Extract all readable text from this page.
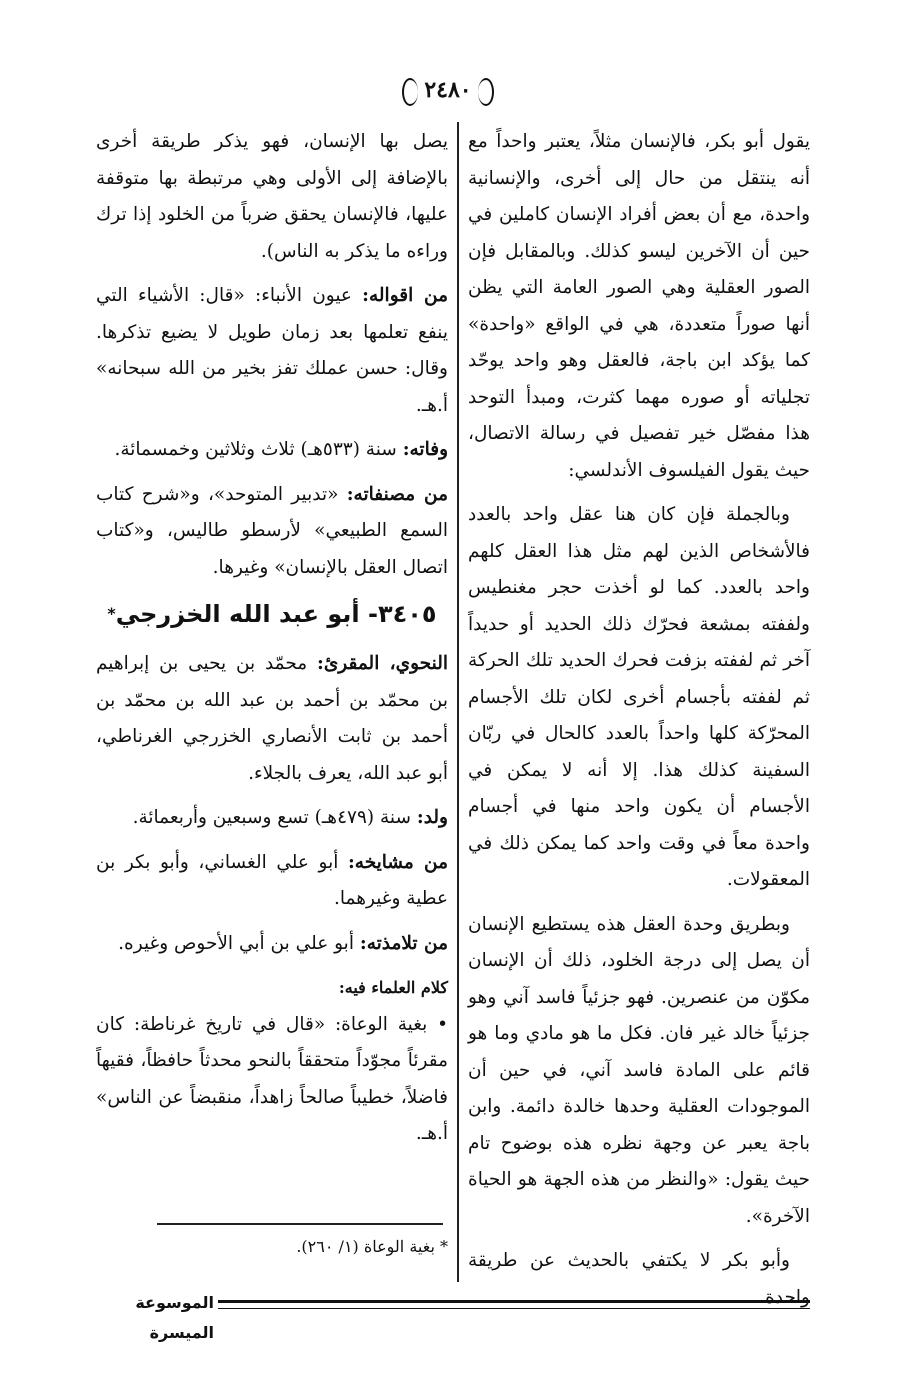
٢٤٨٠

يقول أبو بكر، فالإنسان مثلاً، يعتبر واحداً مع أنه ينتقل من حال إلى أخرى، والإنسانية واحدة، مع أن بعض أفراد الإنسان كاملين في حين أن الآخرين ليسو كذلك. وبالمقابل فإن الصور العقلية وهي الصور العامة التي يظن أنها صوراً متعددة، هي في الواقع «واحدة» كما يؤكد ابن باجة، فالعقل وهو واحد يوحّد تجلياته أو صوره مهما كثرت، ومبدأ التوحد هذا مفصّل خير تفصيل في رسالة الاتصال، حيث يقول الفيلسوف الأندلسي:

وبالجملة فإن كان هنا عقل واحد بالعدد فالأشخاص الذين لهم مثل هذا العقل كلهم واحد بالعدد. كما لو أخذت حجر مغنطيس ولففته بمشعة فحرّك ذلك الحديد أو حديداً آخر ثم لففته بزفت فحرك الحديد تلك الحركة ثم لففته بأجسام أخرى لكان تلك الأجسام المحرّكة كلها واحداً بالعدد كالحال في ربّان السفينة كذلك هذا. إلا أنه لا يمكن في الأجسام أن يكون واحد منها في أجسام واحدة معاً في وقت واحد كما يمكن ذلك في المعقولات.

وبطريق وحدة العقل هذه يستطيع الإنسان أن يصل إلى درجة الخلود، ذلك أن الإنسان مكوّن من عنصرين. فهو جزئياً فاسد آني وهو جزئياً خالد غير فان. فكل ما هو مادي وما هو قائم على المادة فاسد آني، في حين أن الموجودات العقلية وحدها خالدة دائمة. وابن باجة يعبر عن وجهة نظره هذه بوضوح تام حيث يقول: «والنظر من هذه الجهة هو الحياة الآخرة».

وأبو بكر لا يكتفي بالحديث عن طريقة واحدة

يصل بها الإنسان، فهو يذكر طريقة أخرى بالإضافة إلى الأولى وهي مرتبطة بها متوقفة عليها، فالإنسان يحقق ضرباً من الخلود إذا ترك وراءه ما يذكر به الناس).

من اقواله: عيون الأنباء: «قال: الأشياء التي ينفع تعلمها بعد زمان طويل لا يضيع تذكرها. وقال: حسن عملك تفز بخير من الله سبحانه» أ.هـ.

وفاته: سنة (٥٣٣هـ) ثلاث وثلاثين وخمسمائة.

من مصنفاته: «تدبير المتوحد»، و«شرح كتاب السمع الطبيعي» لأرسطو طاليس، و«كتاب اتصال العقل بالإنسان» وغيرها.

٣٤٠٥- أبو عبد الله الخزرجي*

النحوي، المقرئ: محمّد بن يحيى بن إبراهيم بن محمّد بن أحمد بن عبد الله بن محمّد بن أحمد بن ثابت الأنصاري الخزرجي الغرناطي، أبو عبد الله، يعرف بالجلاء.

ولد: سنة (٤٧٩هـ) تسع وسبعين وأربعمائة.

من مشايخه: أبو علي الغساني، وأبو بكر بن عطية وغيرهما.

من تلامذته: أبو علي بن أبي الأحوص وغيره.

كلام العلماء فيه:

• بغية الوعاة: «قال في تاريخ غرناطة: كان مقرئاً مجوّداً متحققاً بالنحو محدثاً حافظاً، فقيهاً فاضلاً، خطيباً صالحاً زاهداً، منقبضاً عن الناس» أ.هـ.

* بغية الوعاة (١/ ٢٦٠).
الموسوعة الميسرة
